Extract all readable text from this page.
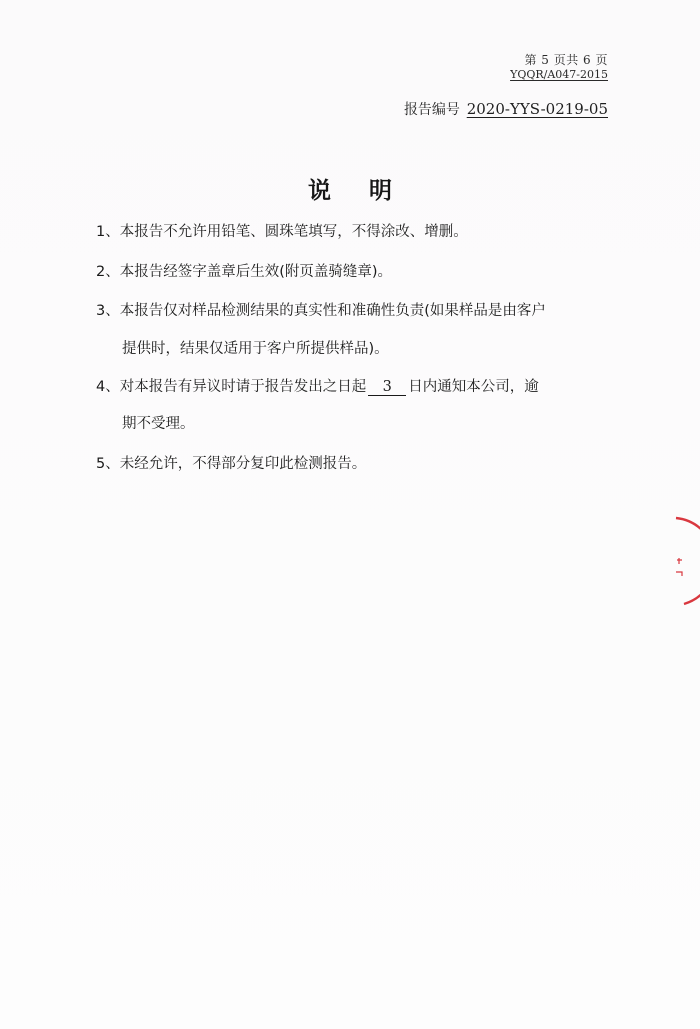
第 5 页共 6 页
YQQR/A047-2015
报告编号 2020-YYS-0219-05
说明
1、本报告不允许用铅笔、圆珠笔填写，不得涂改、增删。
2、本报告经签字盖章后生效(附页盖骑缝章)。
3、本报告仅对样品检测结果的真实性和准确性负责(如果样品是由客户
提供时，结果仅适用于客户所提供样品)。
4、对本报告有异议时请于报告发出之日起 3 日内通知本公司，逾
期不受理。
5、未经允许，不得部分复印此检测报告。
